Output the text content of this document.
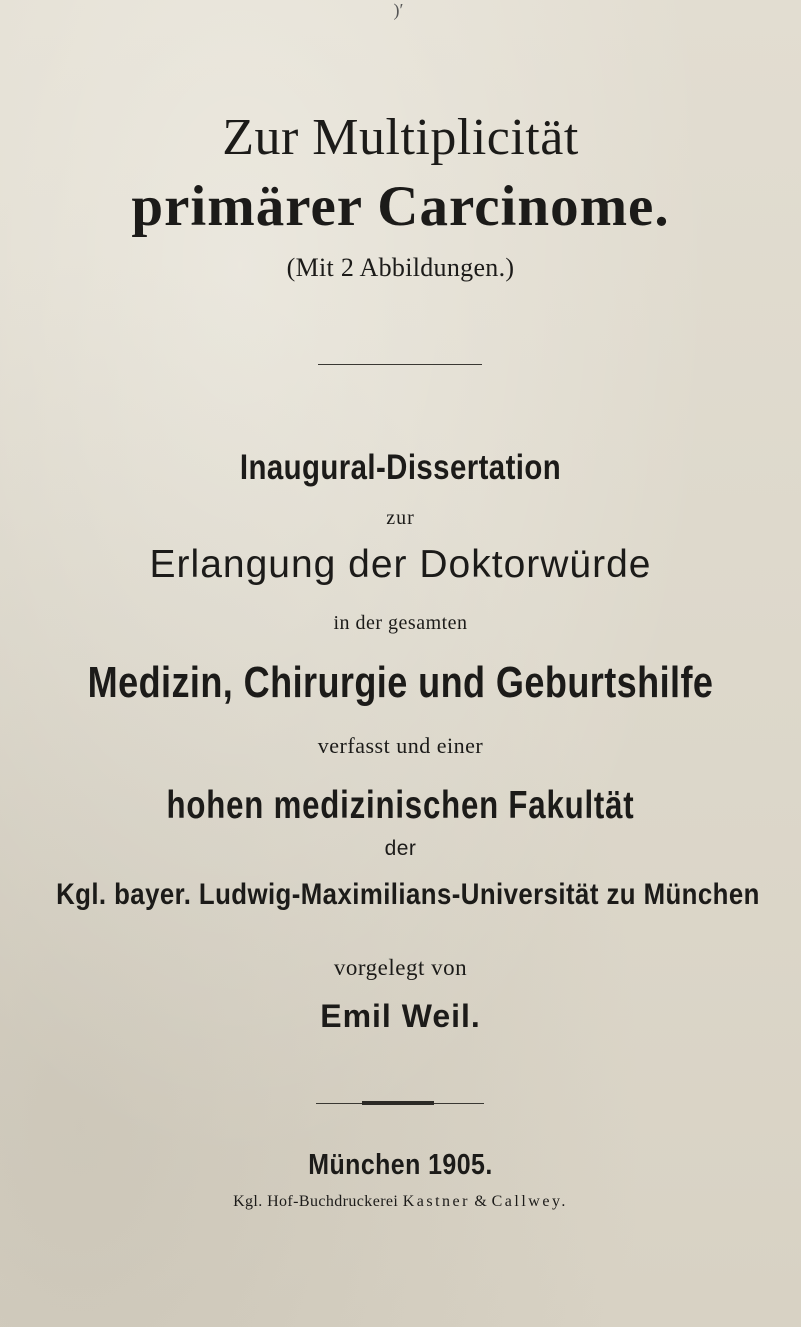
 )′
Zur Multiplicität
primärer Carcinome.
(Mit 2 Abbildungen.)
Inaugural-Dissertation
zur
Erlangung der Doktorwürde
in der gesamten
Medizin, Chirurgie und Geburtshilfe
verfasst und einer
hohen medizinischen Fakultät
der
Kgl. bayer. Ludwig-Maximilians-Universität zu München
vorgelegt von
Emil Weil.
München 1905.
Kgl. Hof-Buchdruckerei Kastner & Callwey.
